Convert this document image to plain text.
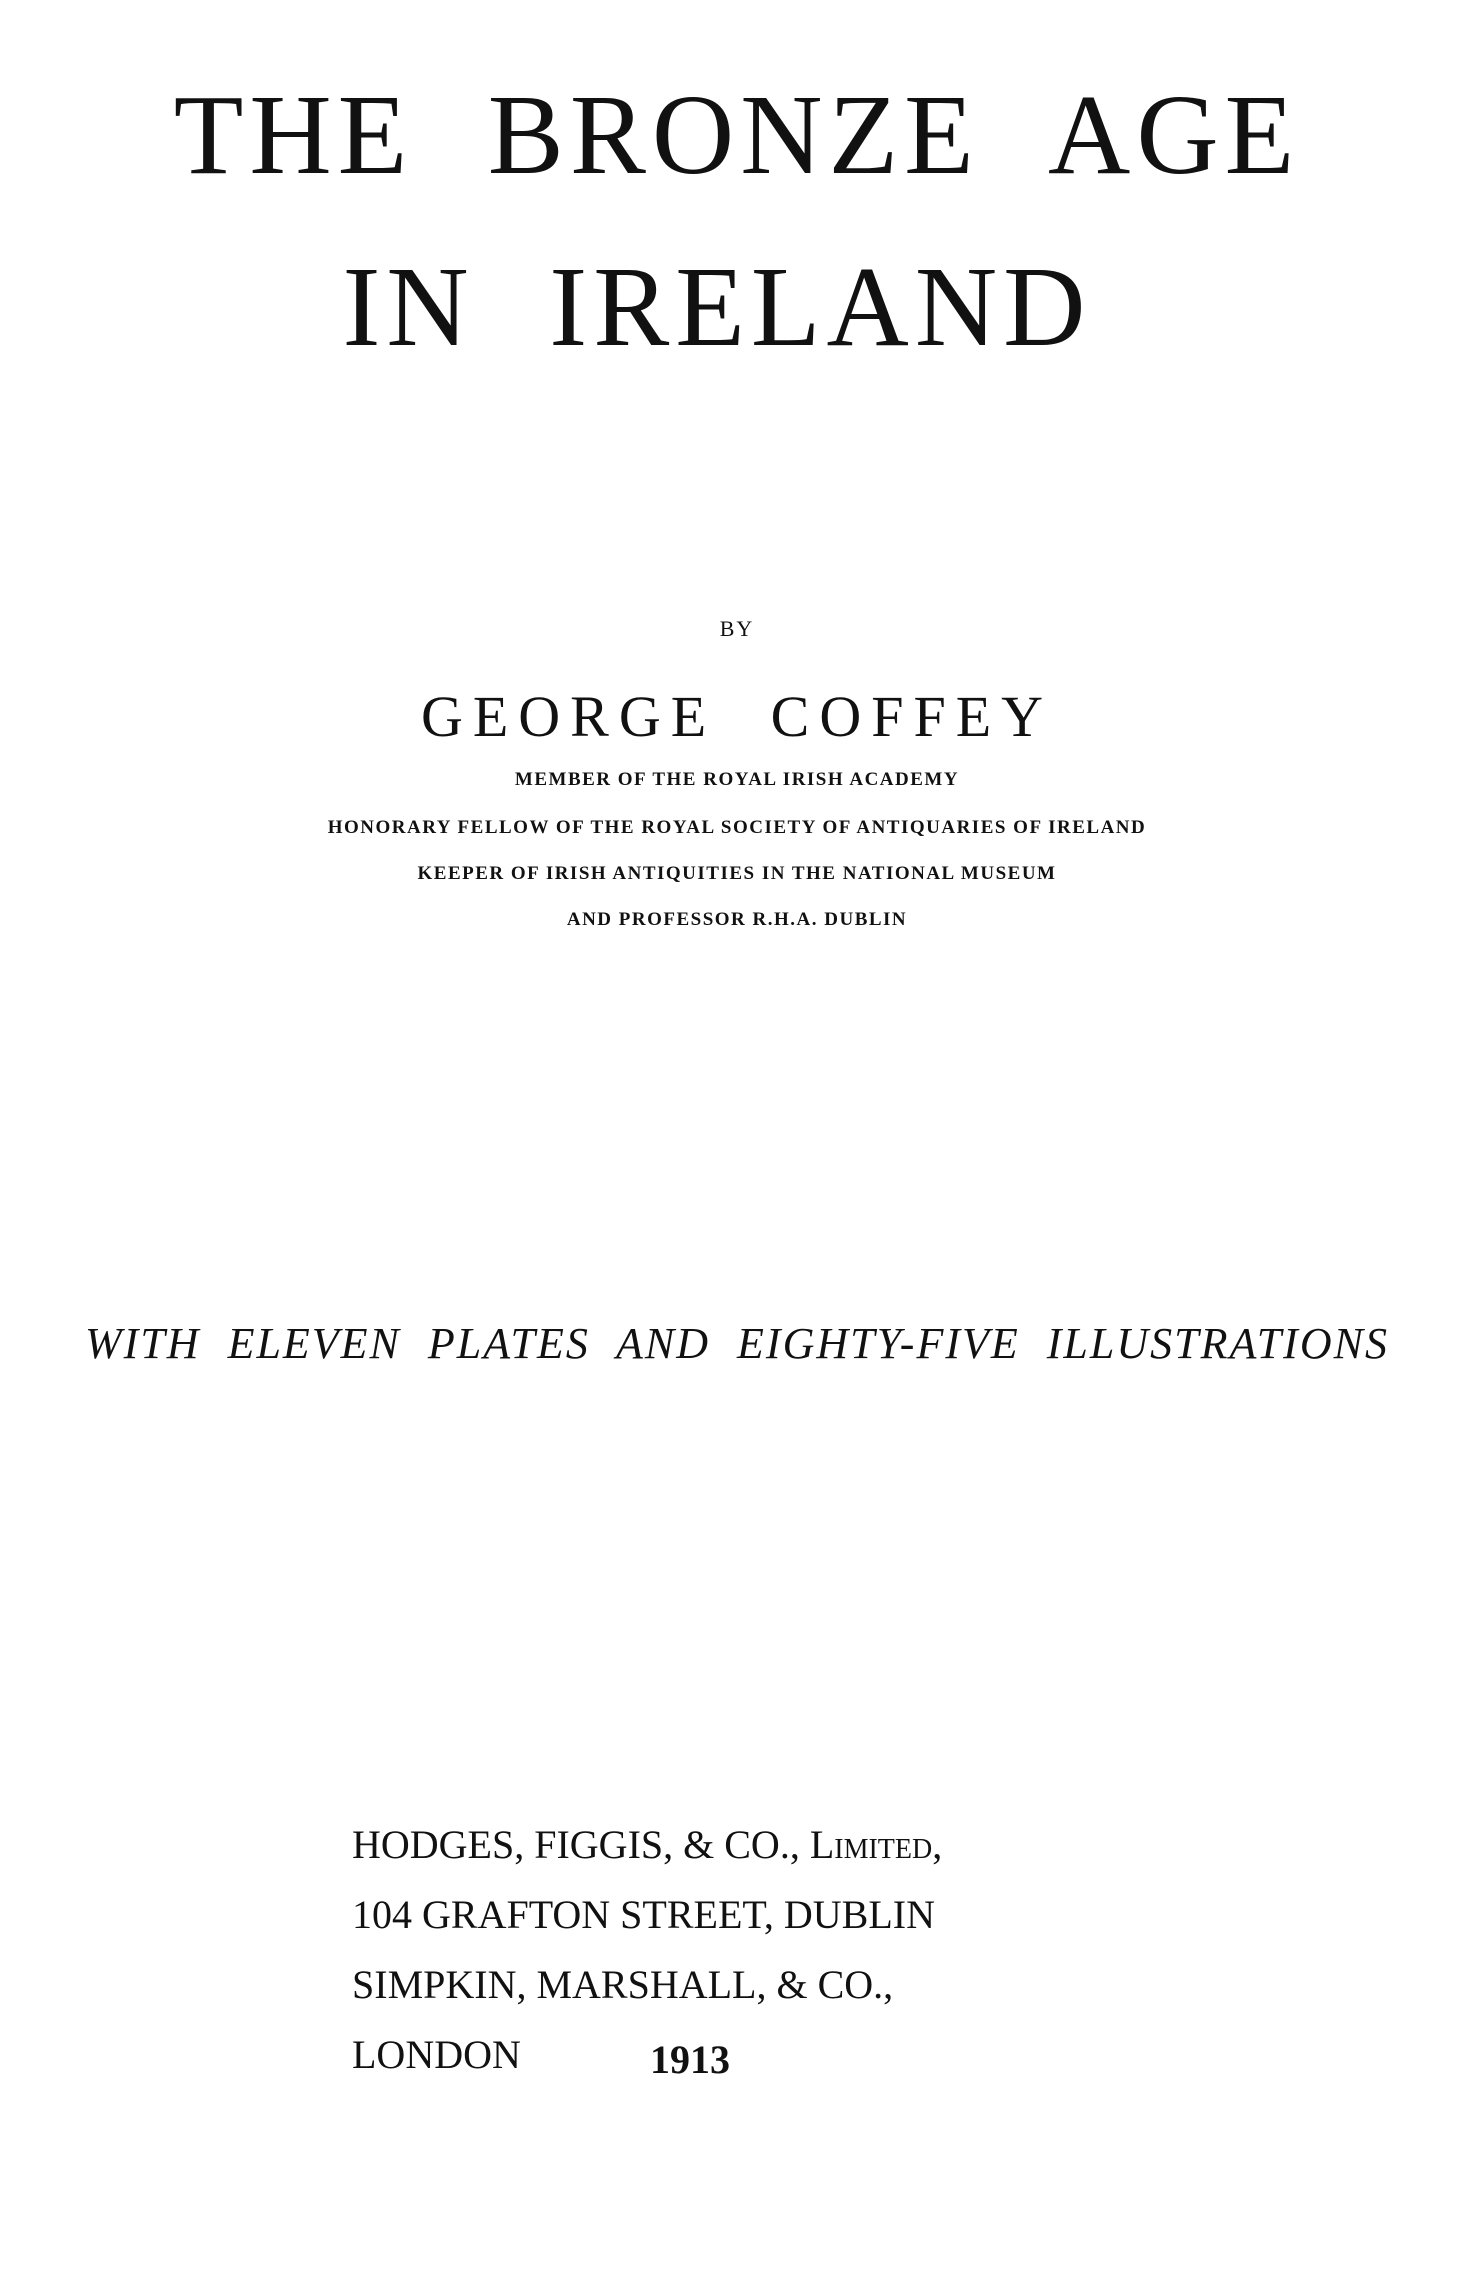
THE BRONZE AGE
IN IRELAND
BY
GEORGE COFFEY
MEMBER OF THE ROYAL IRISH ACADEMY
HONORARY FELLOW OF THE ROYAL SOCIETY OF ANTIQUARIES OF IRELAND
KEEPER OF IRISH ANTIQUITIES IN THE NATIONAL MUSEUM
AND PROFESSOR R.H.A. DUBLIN
WITH ELEVEN PLATES AND EIGHTY-FIVE ILLUSTRATIONS
HODGES, FIGGIS, & CO., Limited,
104 GRAFTON STREET, DUBLIN
SIMPKIN, MARSHALL, & CO.,
LONDON	1913
